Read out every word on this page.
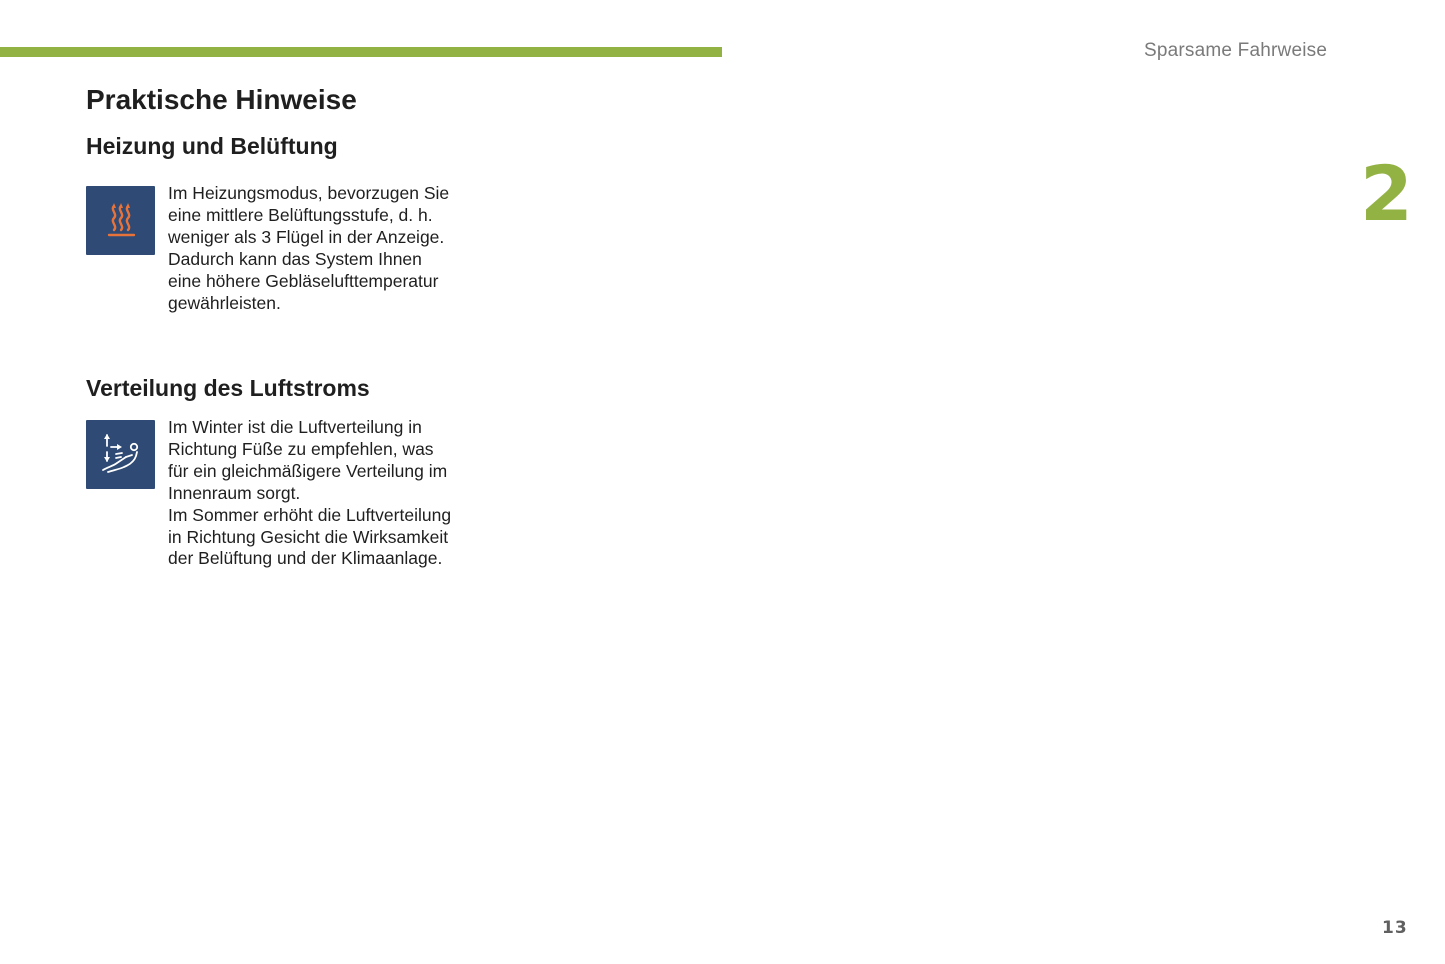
Sparsame Fahrweise
2
Praktische Hinweise
Heizung und Belüftung

Im Heizungsmodus, bevorzugen Sie
eine mittlere Belüftungsstufe, d. h.
weniger als 3 Flügel in der Anzeige.
Dadurch kann das System Ihnen
eine höhere Gebläselufttemperatur
gewährleisten.

Verteilung des Luftstroms

Im Winter ist die Luftverteilung in
Richtung Füße zu empfehlen, was
für ein gleichmäßigere Verteilung im
Innenraum sorgt.
Im Sommer erhöht die Luftverteilung
in Richtung Gesicht die Wirksamkeit
der Belüftung und der Klimaanlage.

13
